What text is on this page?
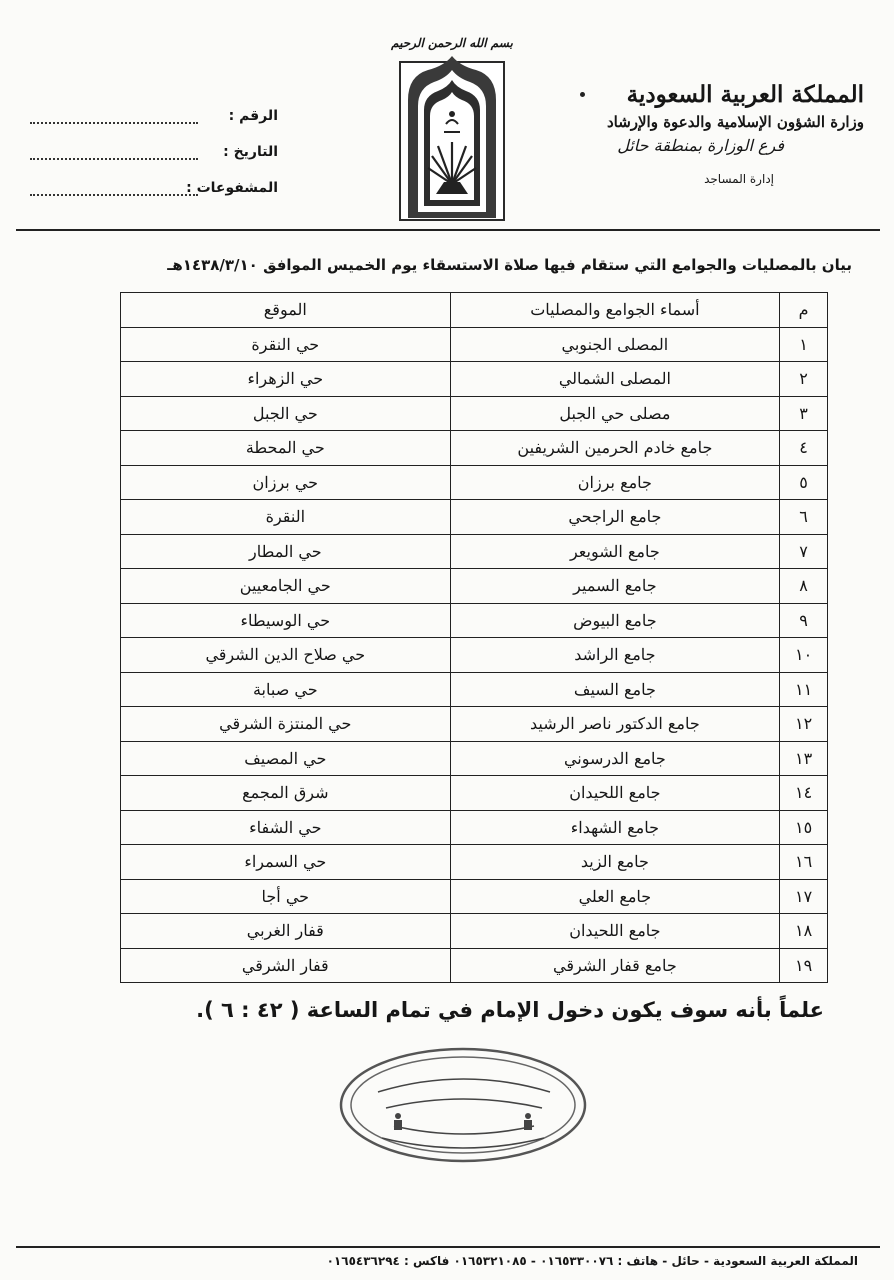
المملكة العربية السعودية
وزارة الشؤون الإسلامية والدعوة والإرشاد
فرع الوزارة بمنطقة حائل
إدارة المساجد
بسم الله الرحمن الرحيم
الرقم :
التاريخ :
المشفوعات :
بيان بالمصليات والجوامع التي ستقام فيها صلاة الاستسقاء يوم الخميس الموافق ١٤٣٨/٣/١٠هـ
م	أسماء الجوامع والمصليات	الموقع
١	المصلى الجنوبي	حي النقرة
٢	المصلى الشمالي	حي الزهراء
٣	مصلى حي الجبل	حي الجبل
٤	جامع خادم الحرمين الشريفين	حي المحطة
٥	جامع برزان	حي برزان
٦	جامع الراجحي	النقرة
٧	جامع الشويعر	حي المطار
٨	جامع السمير	حي الجامعيين
٩	جامع البيوض	حي الوسيطاء
١٠	جامع الراشد	حي صلاح الدين الشرقي
١١	جامع السيف	حي صبابة
١٢	جامع الدكتور ناصر الرشيد	حي المنتزة الشرقي
١٣	جامع الدرسوني	حي المصيف
١٤	جامع اللحيدان	شرق المجمع
١٥	جامع الشهداء	حي الشفاء
١٦	جامع الزيد	حي السمراء
١٧	جامع العلي	حي أجا
١٨	جامع اللحيدان	قفار الغربي
١٩	جامع قفار الشرقي	قفار الشرقي
علماً بأنه سوف يكون دخول الإمام في تمام الساعة ( ٤٢ : ٦ ).
المملكة العربية السعودية - حائل - هاتف : ٠١٦٥٣٣٠٠٧٦ - ٠١٦٥٣٢١٠٨٥ فاكس : ٠١٦٥٤٣٦٢٩٤
